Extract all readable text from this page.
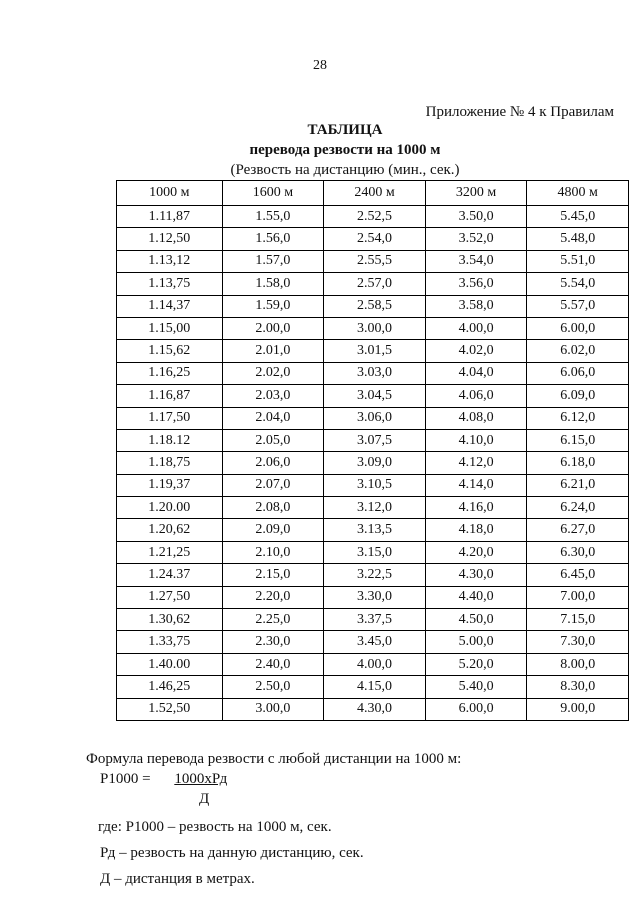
28
Приложение № 4 к Правилам
ТАБЛИЦА
перевода резвости на 1000 м
(Резвость на дистанцию (мин., сек.)
1000 м	1600 м	2400 м	3200 м	4800 м
1.11,87	1.55,0	2.52,5	3.50,0	5.45,0
1.12,50	1.56,0	2.54,0	3.52,0	5.48,0
1.13,12	1.57,0	2.55,5	3.54,0	5.51,0
1.13,75	1.58,0	2.57,0	3.56,0	5.54,0
1.14,37	1.59,0	2.58,5	3.58,0	5.57,0
1.15,00	2.00,0	3.00,0	4.00,0	6.00,0
1.15,62	2.01,0	3.01,5	4.02,0	6.02,0
1.16,25	2.02,0	3.03,0	4.04,0	6.06,0
1.16,87	2.03,0	3.04,5	4.06,0	6.09,0
1.17,50	2.04,0	3.06,0	4.08,0	6.12,0
1.18.12	2.05,0	3.07,5	4.10,0	6.15,0
1.18,75	2.06,0	3.09,0	4.12,0	6.18,0
1.19,37	2.07,0	3.10,5	4.14,0	6.21,0
1.20.00	2.08,0	3.12,0	4.16,0	6.24,0
1.20,62	2.09,0	3.13,5	4.18,0	6.27,0
1.21,25	2.10,0	3.15,0	4.20,0	6.30,0
1.24.37	2.15,0	3.22,5	4.30,0	6.45,0
1.27,50	2.20,0	3.30,0	4.40,0	7.00,0
1.30,62	2.25,0	3.37,5	4.50,0	7.15,0
1.33,75	2.30,0	3.45,0	5.00,0	7.30,0
1.40.00	2.40,0	4.00,0	5.20,0	8.00,0
1.46,25	2.50,0	4.15,0	5.40,0	8.30,0
1.52,50	3.00,0	4.30,0	6.00,0	9.00,0
Формула перевода резвости с любой дистанции на 1000 м:
Р1000 = 1000хРд
Д
где: Р1000 – резвость на 1000 м, сек.
Рд – резвость на данную дистанцию, сек.
Д – дистанция в метрах.
